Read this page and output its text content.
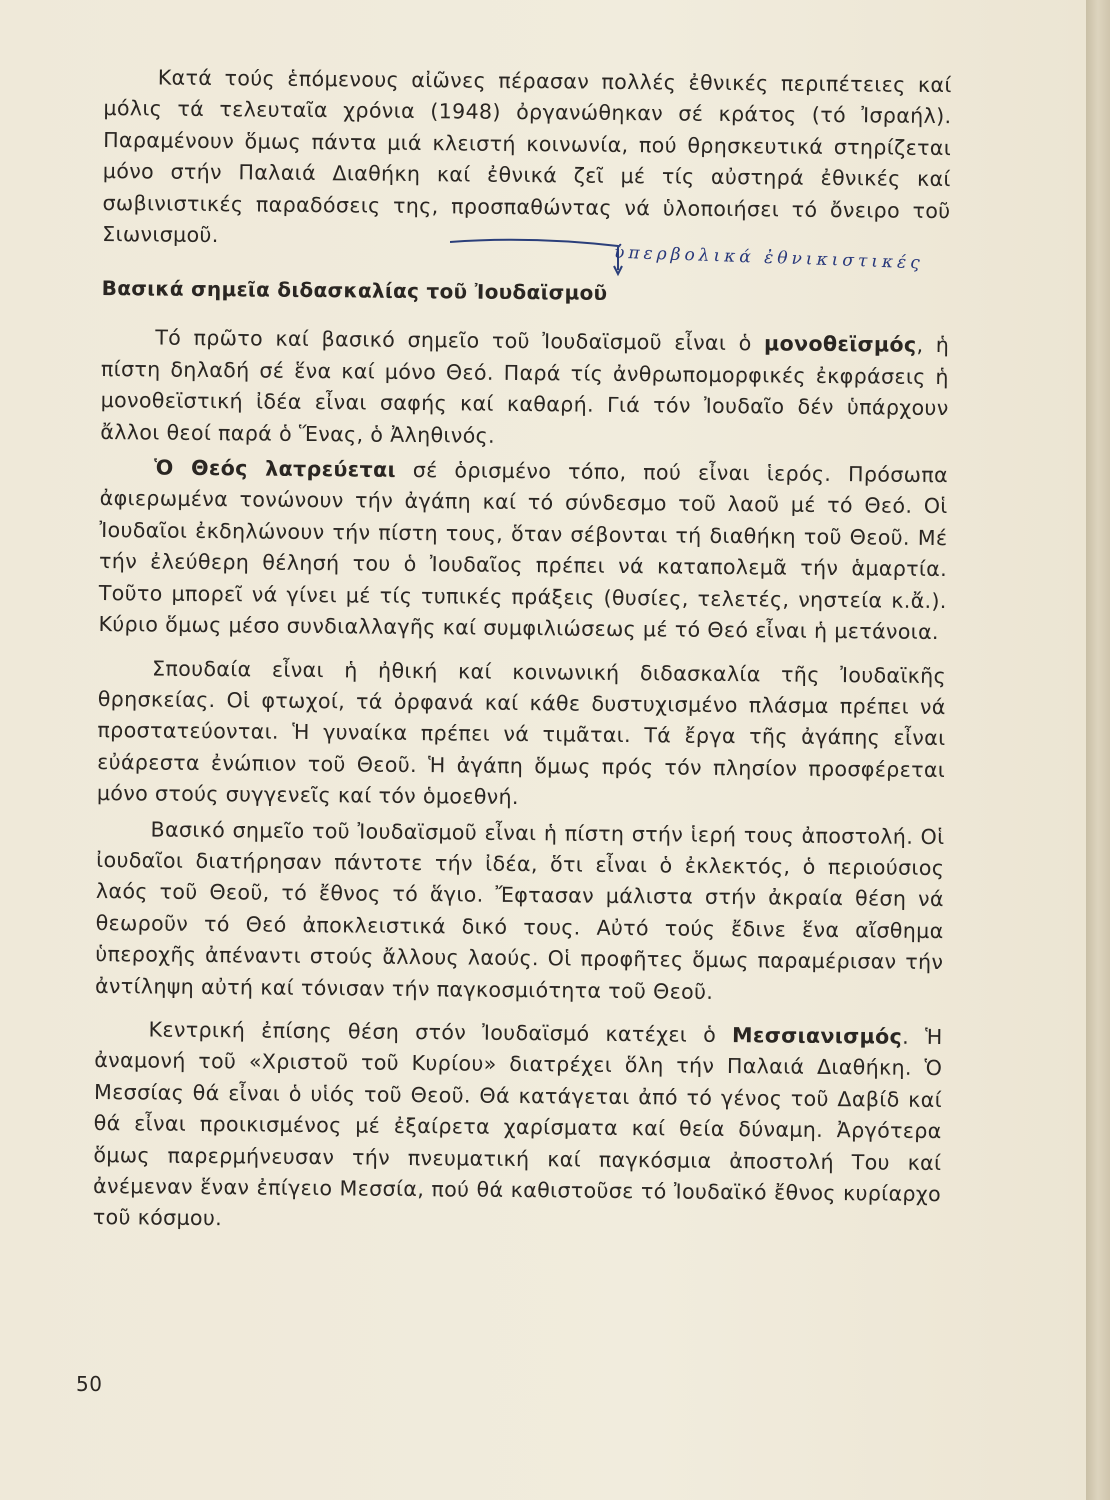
Κατά τούς ἑπόμενους αἰῶνες πέρασαν πολλές ἐθνικές περιπέτειες καί μόλις τά τελευταῖα χρόνια (1948) ὀργανώθηκαν σέ κράτος (τό Ἰσραήλ). Παραμένουν ὅμως πάντα μιά κλειστή κοινωνία, πού θρησκευτικά στηρίζεται μόνο στήν Παλαιά Διαθήκη καί ἐθνικά ζεῖ μέ τίς αὐστηρά ἐθνικές καί σωβινιστικές παραδόσεις της, προσπαθώντας νά ὑλοποιήσει τό ὄνειρο τοῦ Σιωνισμοῦ.

Βασικά σημεῖα διδασκαλίας τοῦ Ἰουδαϊσμοῦ

Τό πρῶτο καί βασικό σημεῖο τοῦ Ἰουδαϊσμοῦ εἶναι ὁ μονοθεϊσμός, ἡ πίστη δηλαδή σέ ἕνα καί μόνο Θεό. Παρά τίς ἀνθρωπομορφικές ἐκφράσεις ἡ μονοθεϊστική ἰδέα εἶναι σαφής καί καθαρή. Γιά τόν Ἰουδαῖο δέν ὑπάρχουν ἄλλοι θεοί παρά ὁ Ἕνας, ὁ Ἀληθινός.

Ὁ Θεός λατρεύεται σέ ὁρισμένο τόπο, πού εἶναι ἱερός. Πρόσωπα ἀφιερωμένα τονώνουν τήν ἀγάπη καί τό σύνδεσμο τοῦ λαοῦ μέ τό Θεό. Οἱ Ἰουδαῖοι ἐκδηλώνουν τήν πίστη τους, ὅταν σέβονται τή διαθήκη τοῦ Θεοῦ. Μέ τήν ἐλεύθερη θέλησή του ὁ Ἰουδαῖος πρέπει νά καταπολεμᾶ τήν ἁμαρτία. Τοῦτο μπορεῖ νά γίνει μέ τίς τυπικές πράξεις (θυσίες, τελετές, νηστεία κ.ἄ.). Κύριο ὅμως μέσο συνδιαλλαγῆς καί συμφιλιώσεως μέ τό Θεό εἶναι ἡ μετάνοια.

Σπουδαία εἶναι ἡ ἠθική καί κοινωνική διδασκαλία τῆς Ἰουδαϊκῆς θρησκείας. Οἱ φτωχοί, τά ὀρφανά καί κάθε δυστυχισμένο πλάσμα πρέπει νά προστατεύονται. Ἡ γυναίκα πρέπει νά τιμᾶται. Τά ἔργα τῆς ἀγάπης εἶναι εὐάρεστα ἐνώπιον τοῦ Θεοῦ. Ἡ ἀγάπη ὅμως πρός τόν πλησίον προσφέρεται μόνο στούς συγγενεῖς καί τόν ὁμοεθνή.

Βασικό σημεῖο τοῦ Ἰουδαϊσμοῦ εἶναι ἡ πίστη στήν ἱερή τους ἀποστολή. Οἱ ἰουδαῖοι διατήρησαν πάντοτε τήν ἰδέα, ὅτι εἶναι ὁ ἐκλεκτός, ὁ περιούσιος λαός τοῦ Θεοῦ, τό ἔθνος τό ἅγιο. Ἔφτασαν μάλιστα στήν ἀκραία θέση νά θεωροῦν τό Θεό ἀποκλειστικά δικό τους. Αὐτό τούς ἔδινε ἕνα αἴσθημα ὑπεροχῆς ἀπέναντι στούς ἄλλους λαούς. Οἱ προφῆτες ὅμως παραμέρισαν τήν ἀντίληψη αὐτή καί τόνισαν τήν παγκοσμιότητα τοῦ Θεοῦ.

Κεντρική ἐπίσης θέση στόν Ἰουδαϊσμό κατέχει ὁ Μεσσιανισμός. Ἡ ἀναμονή τοῦ «Χριστοῦ τοῦ Κυρίου» διατρέχει ὅλη τήν Παλαιά Διαθήκη. Ὁ Μεσσίας θά εἶναι ὁ υἱός τοῦ Θεοῦ. Θά κατάγεται ἀπό τό γένος τοῦ Δαβίδ καί θά εἶναι προικισμένος μέ ἐξαίρετα χαρίσματα καί θεία δύναμη. Ἀργότερα ὅμως παρερμήνευσαν τήν πνευματική καί παγκόσμια ἀποστολή Του καί ἀνέμεναν ἕναν ἐπίγειο Μεσσία, πού θά καθιστοῦσε τό Ἰουδαϊκό ἔθνος κυρίαρχο τοῦ κόσμου.

ὑπερβολικά ἐθνικιστικές
50
